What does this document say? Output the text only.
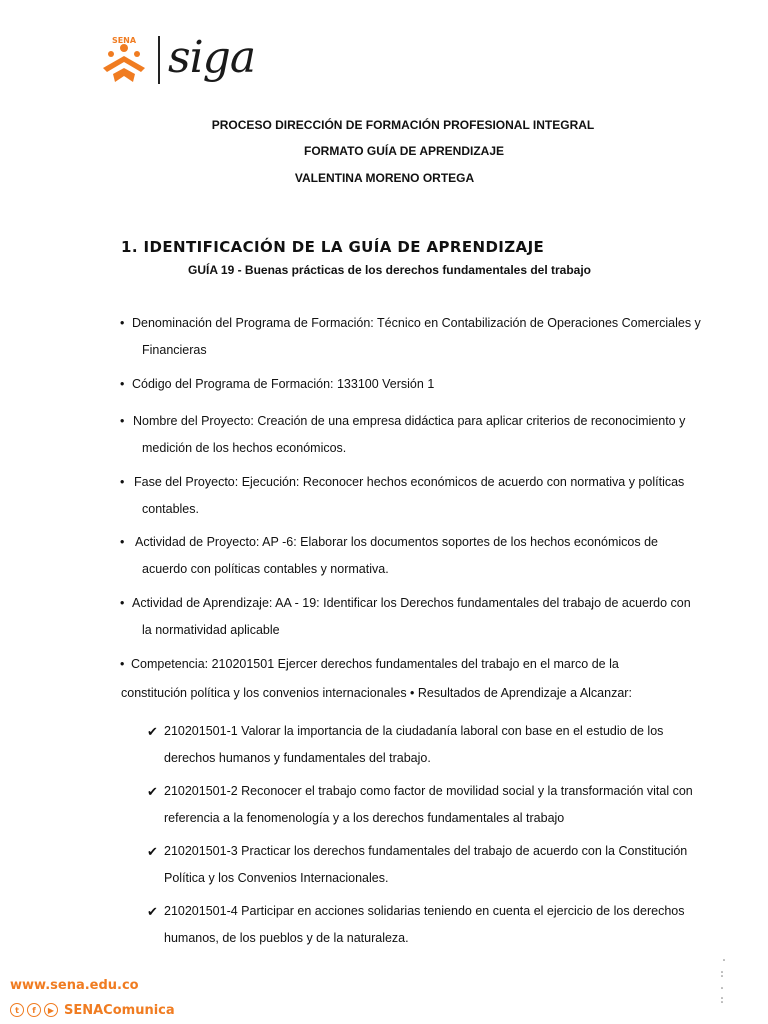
SENA siga
PROCESO DIRECCIÓN DE FORMACIÓN PROFESIONAL INTEGRAL
FORMATO GUÍA DE APRENDIZAJE
VALENTINA MORENO ORTEGA
1. IDENTIFICACIÓN DE LA GUÍA DE APRENDIZAJE
GUÍA 19 - Buenas prácticas de los derechos fundamentales del trabajo
• Denominación del Programa de Formación: Técnico en Contabilización de Operaciones Comerciales y
Financieras
• Código del Programa de Formación: 133100 Versión 1
• Nombre del Proyecto: Creación de una empresa didáctica para aplicar criterios de reconocimiento y
medición de los hechos económicos.
• Fase del Proyecto: Ejecución: Reconocer hechos económicos de acuerdo con normativa y políticas
contables.
• Actividad de Proyecto: AP -6: Elaborar los documentos soportes de los hechos económicos de
acuerdo con políticas contables y normativa.
• Actividad de Aprendizaje: AA - 19: Identificar los Derechos fundamentales del trabajo de acuerdo con
la normatividad aplicable
• Competencia: 210201501 Ejercer derechos fundamentales del trabajo en el marco de la
constitución política y los convenios internacionales • Resultados de Aprendizaje a Alcanzar:
✔ 210201501-1 Valorar la importancia de la ciudadanía laboral con base en el estudio de los
derechos humanos y fundamentales del trabajo.
✔ 210201501-2 Reconocer el trabajo como factor de movilidad social y la transformación vital con
referencia a la fenomenología y a los derechos fundamentales al trabajo
✔ 210201501-3 Practicar los derechos fundamentales del trabajo de acuerdo con la Constitución
Política y los Convenios Internacionales.
✔ 210201501-4 Participar en acciones solidarias teniendo en cuenta el ejercicio de los derechos
humanos, de los pueblos y de la naturaleza.
www.sena.edu.co
t	f	▶ SENAComunica
